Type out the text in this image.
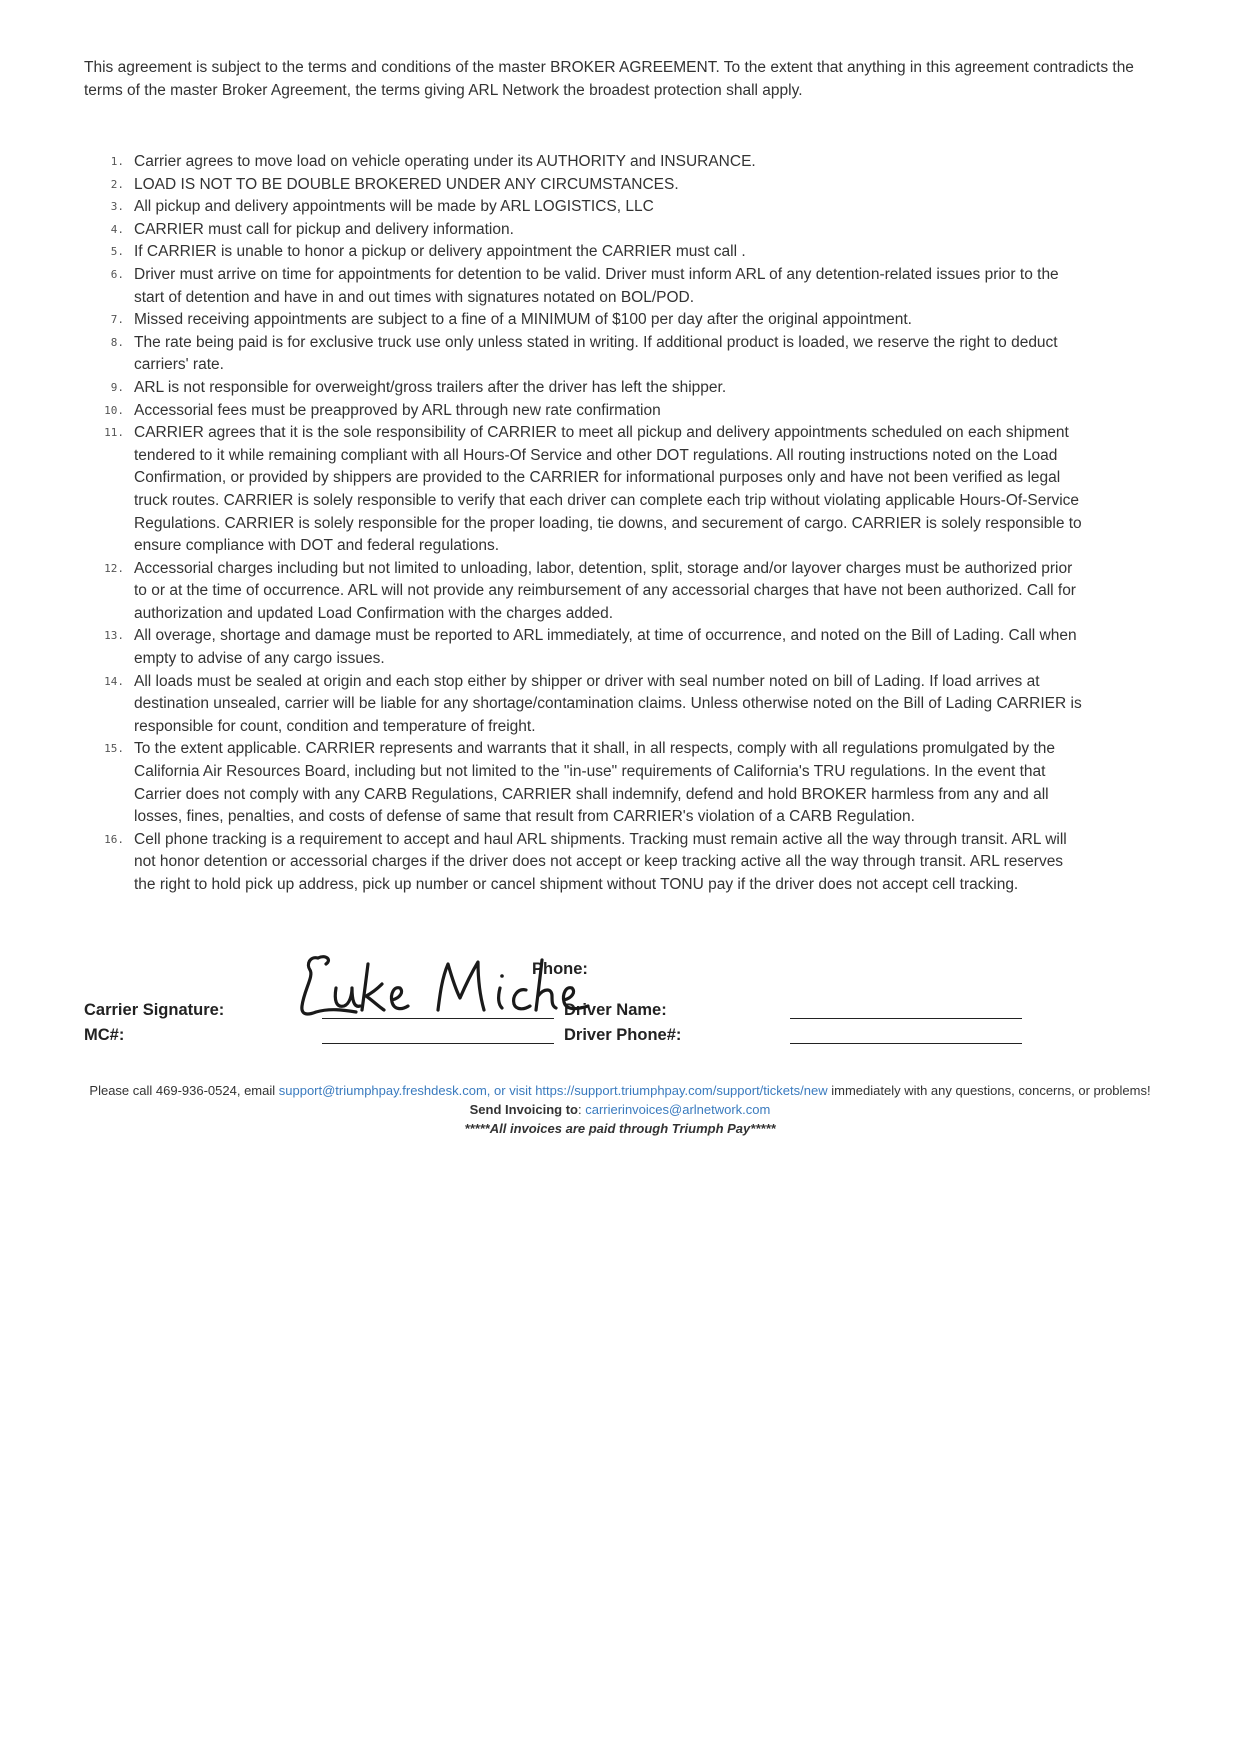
This agreement is subject to the terms and conditions of the master BROKER AGREEMENT. To the extent that anything in this agreement contradicts the terms of the master Broker Agreement, the terms giving ARL Network the broadest protection shall apply.
1. Carrier agrees to move load on vehicle operating under its AUTHORITY and INSURANCE.
2. LOAD IS NOT TO BE DOUBLE BROKERED UNDER ANY CIRCUMSTANCES.
3. All pickup and delivery appointments will be made by ARL LOGISTICS, LLC
4. CARRIER must call for pickup and delivery information.
5. If CARRIER is unable to honor a pickup or delivery appointment the CARRIER must call .
6. Driver must arrive on time for appointments for detention to be valid. Driver must inform ARL of any detention-related issues prior to the start of detention and have in and out times with signatures notated on BOL/POD.
7. Missed receiving appointments are subject to a fine of a MINIMUM of $100 per day after the original appointment.
8. The rate being paid is for exclusive truck use only unless stated in writing. If additional product is loaded, we reserve the right to deduct carriers' rate.
9. ARL is not responsible for overweight/gross trailers after the driver has left the shipper.
10. Accessorial fees must be preapproved by ARL through new rate confirmation
11. CARRIER agrees that it is the sole responsibility of CARRIER to meet all pickup and delivery appointments scheduled on each shipment tendered to it while remaining compliant with all Hours-Of Service and other DOT regulations. All routing instructions noted on the Load Confirmation, or provided by shippers are provided to the CARRIER for informational purposes only and have not been verified as legal truck routes. CARRIER is solely responsible to verify that each driver can complete each trip without violating applicable Hours-Of-Service Regulations. CARRIER is solely responsible for the proper loading, tie downs, and securement of cargo. CARRIER is solely responsible to ensure compliance with DOT and federal regulations.
12. Accessorial charges including but not limited to unloading, labor, detention, split, storage and/or layover charges must be authorized prior to or at the time of occurrence. ARL will not provide any reimbursement of any accessorial charges that have not been authorized. Call for authorization and updated Load Confirmation with the charges added.
13. All overage, shortage and damage must be reported to ARL immediately, at time of occurrence, and noted on the Bill of Lading. Call when empty to advise of any cargo issues.
14. All loads must be sealed at origin and each stop either by shipper or driver with seal number noted on bill of Lading. If load arrives at destination unsealed, carrier will be liable for any shortage/contamination claims. Unless otherwise noted on the Bill of Lading CARRIER is responsible for count, condition and temperature of freight.
15. To the extent applicable. CARRIER represents and warrants that it shall, in all respects, comply with all regulations promulgated by the California Air Resources Board, including but not limited to the "in-use" requirements of California's TRU regulations. In the event that Carrier does not comply with any CARB Regulations, CARRIER shall indemnify, defend and hold BROKER harmless from any and all losses, fines, penalties, and costs of defense of same that result from CARRIER's violation of a CARB Regulation.
16. Cell phone tracking is a requirement to accept and haul ARL shipments. Tracking must remain active all the way through transit. ARL will not honor detention or accessorial charges if the driver does not accept or keep tracking active all the way through transit. ARL reserves the right to hold pick up address, pick up number or cancel shipment without TONU pay if the driver does not accept cell tracking.
Phone:
Carrier Signature:	Driver Name:
MC#:	Driver Phone#:
Please call 469-936-0524, email support@triumphpay.freshdesk.com, or visit https://support.triumphpay.com/support/tickets/new immediately with any questions, concerns, or problems!
Send Invoicing to: carrierinvoices@arlnetwork.com
*****All invoices are paid through Triumph Pay*****
